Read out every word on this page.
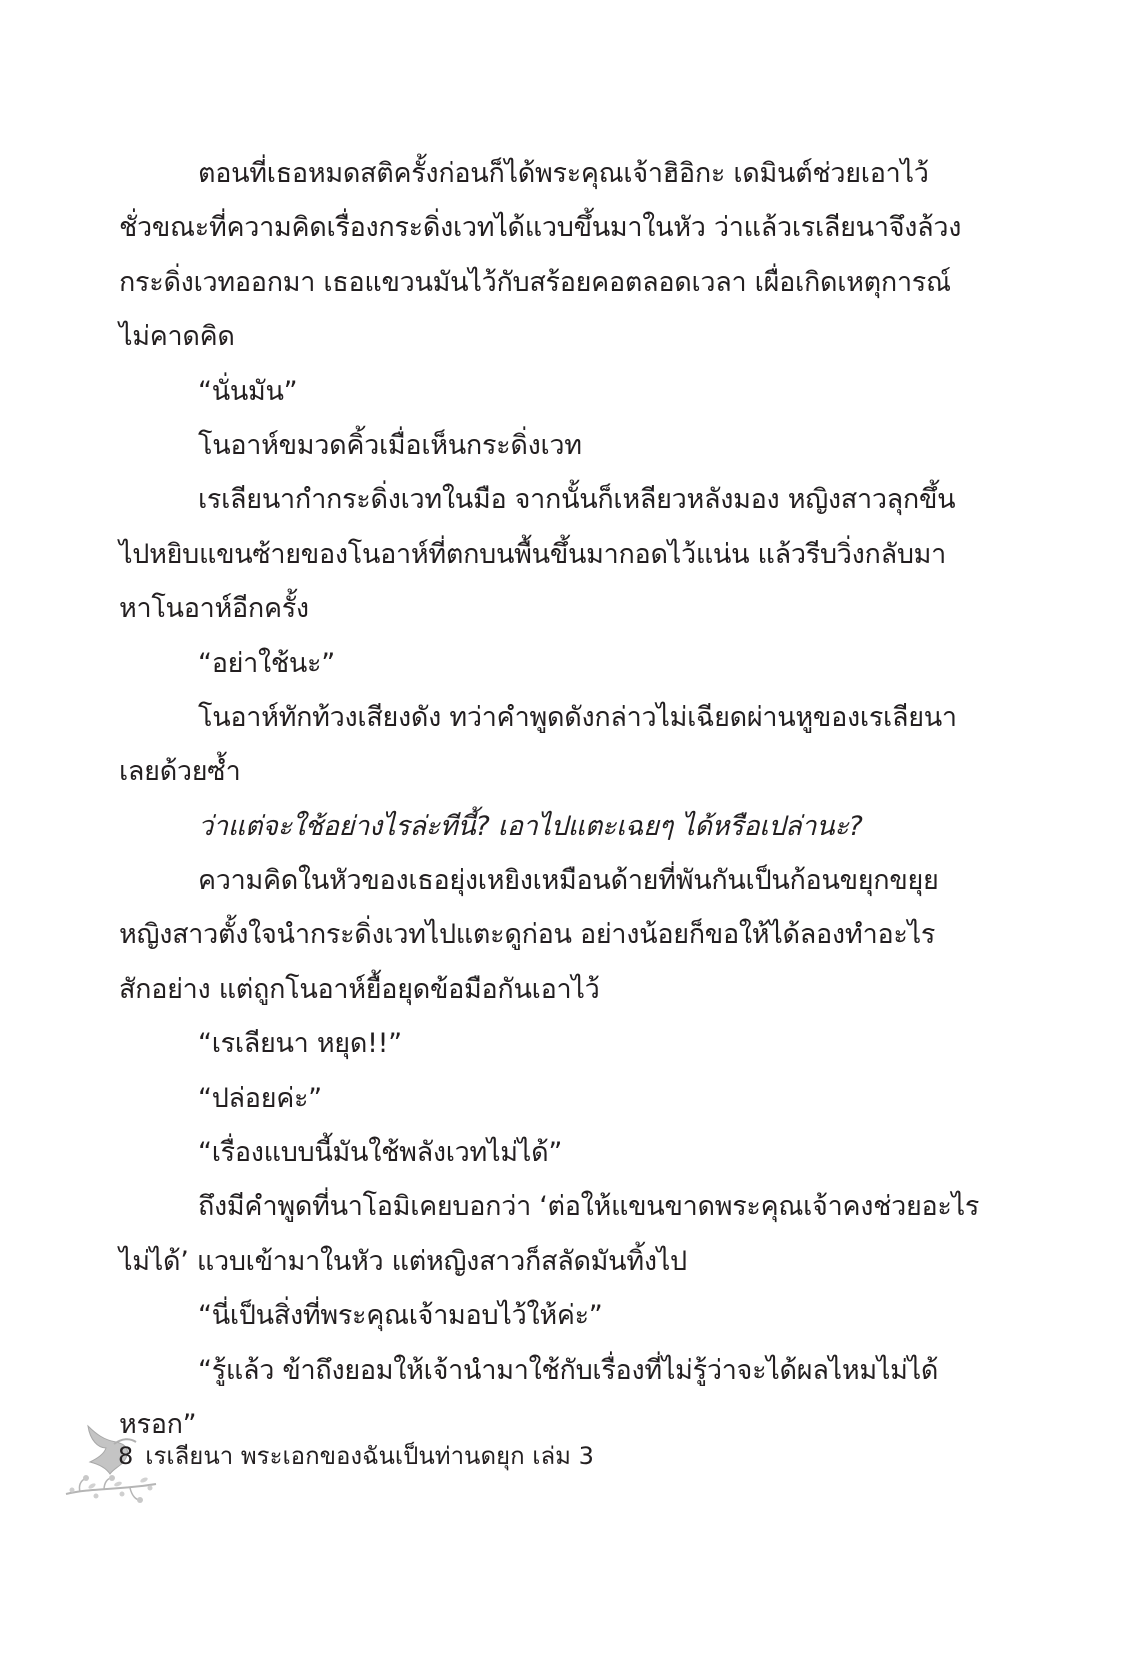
ตอนที่เธอหมดสติครั้งก่อนก็ได้พระคุณเจ้าฮิอิกะ เดมินต์ช่วยเอาไว้
ชั่วขณะที่ความคิดเรื่องกระดิ่งเวทได้แวบขึ้นมาในหัว ว่าแล้วเรเลียนาจึงล้วง
กระดิ่งเวทออกมา เธอแขวนมันไว้กับสร้อยคอตลอดเวลา เผื่อเกิดเหตุการณ์
ไม่คาดคิด
“นั่นมัน”
โนอาห์ขมวดคิ้วเมื่อเห็นกระดิ่งเวท
เรเลียนากำกระดิ่งเวทในมือ จากนั้นก็เหลียวหลังมอง หญิงสาวลุกขึ้น
ไปหยิบแขนซ้ายของโนอาห์ที่ตกบนพื้นขึ้นมากอดไว้แน่น แล้วรีบวิ่งกลับมา
หาโนอาห์อีกครั้ง
“อย่าใช้นะ”
โนอาห์ทักท้วงเสียงดัง ทว่าคำพูดดังกล่าวไม่เฉียดผ่านหูของเรเลียนา
เลยด้วยซ้ำ
ว่าแต่จะใช้อย่างไรล่ะทีนี้? เอาไปแตะเฉยๆ ได้หรือเปล่านะ?
ความคิดในหัวของเธอยุ่งเหยิงเหมือนด้ายที่พันกันเป็นก้อนขยุกขยุย
หญิงสาวตั้งใจนำกระดิ่งเวทไปแตะดูก่อน อย่างน้อยก็ขอให้ได้ลองทำอะไร
สักอย่าง แต่ถูกโนอาห์ยื้อยุดข้อมือกันเอาไว้
“เรเลียนา หยุด!!”
“ปล่อยค่ะ”
“เรื่องแบบนี้มันใช้พลังเวทไม่ได้”
ถึงมีคำพูดที่นาโอมิเคยบอกว่า ‘ต่อให้แขนขาดพระคุณเจ้าคงช่วยอะไร
ไม่ได้’ แวบเข้ามาในหัว แต่หญิงสาวก็สลัดมันทิ้งไป
“นี่เป็นสิ่งที่พระคุณเจ้ามอบไว้ให้ค่ะ”
“รู้แล้ว ข้าถึงยอมให้เจ้านำมาใช้กับเรื่องที่ไม่รู้ว่าจะได้ผลไหมไม่ได้
หรอก”
8 เรเลียนา พระเอกของฉันเป็นท่านดยุก เล่ม 3
